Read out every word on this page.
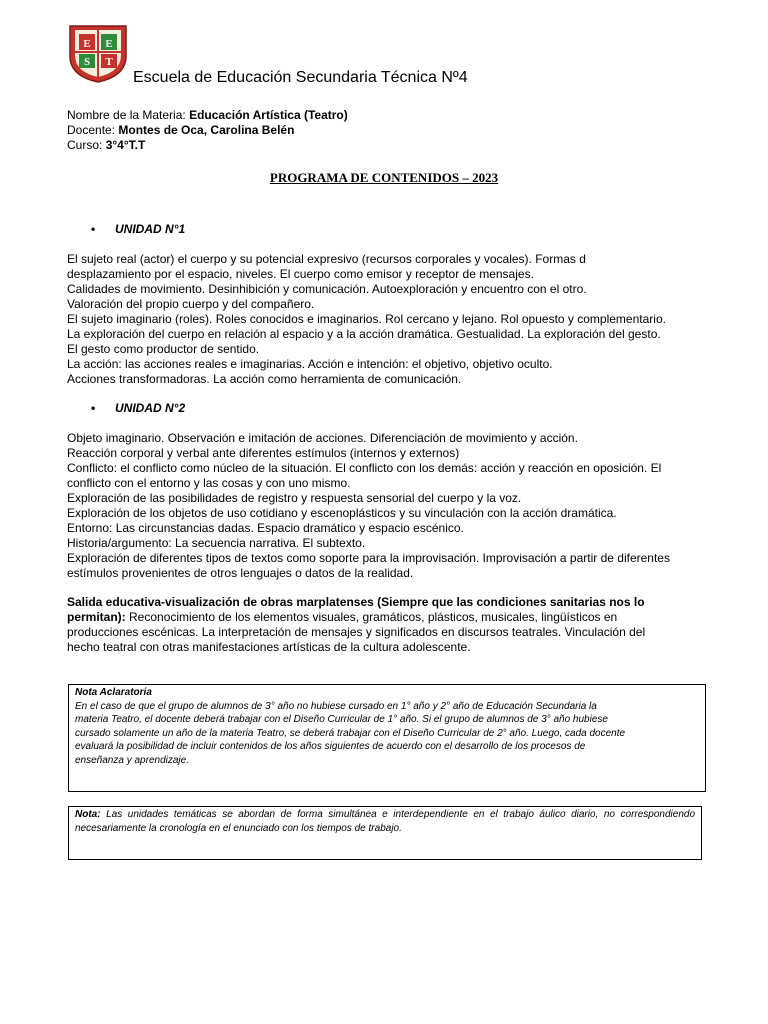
E E
S T
Escuela de Educación Secundaria Técnica Nº4
Nombre de la Materia: Educación Artística (Teatro)
Docente: Montes de Oca, Carolina Belén
Curso: 3°4°T.T
PROGRAMA DE CONTENIDOS – 2023
• UNIDAD N°1
El sujeto real (actor) el cuerpo y su potencial expresivo (recursos corporales y vocales). Formas d
desplazamiento por el espacio, niveles. El cuerpo como emisor y receptor de mensajes.
Calidades de movimiento. Desinhibición y comunicación. Autoexploración y encuentro con el otro.
Valoración del propio cuerpo y del compañero.
El sujeto imaginario (roles). Roles conocidos e imaginarios. Rol cercano y lejano. Rol opuesto y complementario.
La exploración del cuerpo en relación al espacio y a la acción dramática. Gestualidad. La exploración del gesto.
El gesto como productor de sentido.
La acción: las acciones reales e imaginarias. Acción e intención: el objetivo, objetivo oculto.
Acciones transformadoras. La acción como herramienta de comunicación.
• UNIDAD N°2
Objeto imaginario. Observación e imitación de acciones. Diferenciación de movimiento y acción.
Reacción corporal y verbal ante diferentes estímulos (internos y externos)
Conflicto: el conflicto como núcleo de la situación. El conflicto con los demás: acción y reacción en oposición. El
conflicto con el entorno y las cosas y con uno mismo.
Exploración de las posibilidades de registro y respuesta sensorial del cuerpo y la voz.
Exploración de los objetos de uso cotidiano y escenoplásticos y su vinculación con la acción dramática.
Entorno: Las circunstancias dadas. Espacio dramático y espacio escénico.
Historia/argumento: La secuencia narrativa. El subtexto.
Exploración de diferentes tipos de textos como soporte para la improvisación. Improvisación a partir de diferentes
estímulos provenientes de otros lenguajes o datos de la realidad.
Salida educativa-visualización de obras marplatenses (Siempre que las condiciones sanitarias nos lo
permitan): Reconocimiento de los elementos visuales, gramáticos, plásticos, musicales, lingüísticos en
producciones escénicas. La interpretación de mensajes y significados en discursos teatrales. Vinculación del
hecho teatral con otras manifestaciones artísticas de la cultura adolescente.
Nota Aclaratoria
En el caso de que el grupo de alumnos de 3° año no hubiese cursado en 1° año y 2° año de Educación Secundaria la
materia Teatro, el docente deberá trabajar con el Diseño Curricular de 1° año. Si el grupo de alumnos de 3° año hubiese
cursado solamente un año de la materia Teatro, se deberá trabajar con el Diseño Curricular de 2° año. Luego, cada docente
evaluará la posibilidad de incluir contenidos de los años siguientes de acuerdo con el desarrollo de los procesos de
enseñanza y aprendizaje.
Nota: Las unidades temáticas se abordan de forma simultánea e interdependiente en el trabajo áulico diario, no correspondiendo necesariamente la cronología en el enunciado con los tiempos de trabajo.
